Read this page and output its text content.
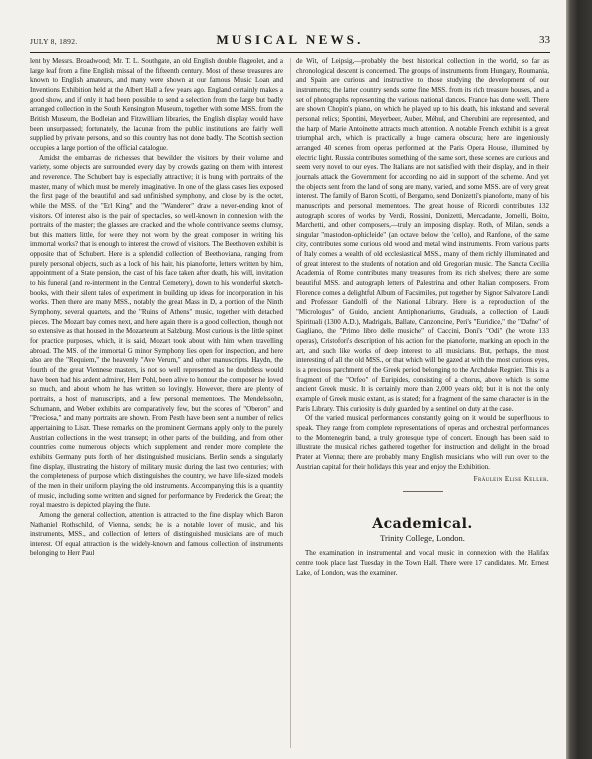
JULY 8, 1892.	MUSICAL NEWS.	33

lent by Messrs. Broadwood; Mr. T. L. Southgate, an old English double flageolet, and a large leaf from a fine English missal of the fifteenth century. Most of these treasures are known to English amateurs, and many were shown at our famous Music Loan and Inventions Exhibition held at the Albert Hall a few years ago. England certainly makes a good show, and if only it had been possible to send a selection from the large but badly arranged collection in the South Kensington Museum, together with some MSS. from the British Museum, the Bodleian and Fitzwilliam libraries, the English display would have been unsurpassed; fortunately, the lacunæ from the public institutions are fairly well supplied by private persons, and so this country has not done badly. The Scottish section occupies a large portion of the official catalogue.

Amidst the embarras de richesses that bewilder the visitors by their volume and variety, some objects are surrounded every day by crowds gazing on them with interest and reverence. The Schubert bay is especially attractive; it is hung with portraits of the master, many of which must be merely imaginative. In one of the glass cases lies exposed the first page of the beautiful and sad unfinished symphony, and close by is the octet, while the MSS. of the "Erl King" and the "Wanderer" draw a never-ending knot of visitors. Of interest also is the pair of spectacles, so well-known in connexion with the portraits of the master; the glasses are cracked and the whole contrivance seems clumsy, but this matters little, for were they not worn by the great composer in writing his immortal works? that is enough to interest the crowd of visitors. The Beethoven exhibit is opposite that of Schubert. Here is a splendid collection of Beethoviana, ranging from purely personal objects, such as a lock of his hair, his pianoforte, letters written by him, appointment of a State pension, the cast of his face taken after death, his will, invitation to his funeral (and re-interment in the Central Cemetery), down to his wonderful sketch-books, with their silent tales of experiment in building up ideas for incorporation in his works. Then there are many MSS., notably the great Mass in D, a portion of the Ninth Symphony, several quartets, and the "Ruins of Athens" music, together with detached pieces. The Mozart bay comes next, and here again there is a good collection, though not so extensive as that housed in the Mozarteum at Salzburg. Most curious is the little spinet for practice purposes, which, it is said, Mozart took about with him when travelling abroad. The MS. of the immortal G minor Symphony lies open for inspection, and here also are the "Requiem," the heavenly "Ave Verum," and other manuscripts. Haydn, the fourth of the great Viennese masters, is not so well represented as he doubtless would have been had his ardent admirer, Herr Pohl, been alive to honour the composer he loved so much, and about whom he has written so lovingly. However, there are plenty of portraits, a host of manuscripts, and a few personal mementoes. The Mendelssohn, Schumann, and Weber exhibits are comparatively few, but the scores of "Oberon" and "Preciosa," and many portraits are shown. From Pesth have been sent a number of relics appertaining to Liszt. These remarks on the prominent Germans apply only to the purely Austrian collections in the west transept; in other parts of the building, and from other countries come numerous objects which supplement and render more complete the exhibits Germany puts forth of her distinguished musicians. Berlin sends a singularly fine display, illustrating the history of military music during the last two centuries; with the completeness of purpose which distinguishes the country, we have life-sized models of the men in their uniform playing the old instruments. Accompanying this is a quantity of music, including some written and signed for performance by Frederick the Great; the royal maestro is depicted playing the flute.

Among the general collection, attention is attracted to the fine display which Baron Nathaniel Rothschild, of Vienna, sends; he is a notable lover of music, and his instruments, MSS., and collection of letters of distinguished musicians are of much interest. Of equal attraction is the widely-known and famous collection of instruments belonging to Herr Paul

de Wit, of Leipsig,—probably the best historical collection in the world, so far as chronological descent is concerned. The groups of instruments from Hungary, Roumania, and Spain are curious and instructive to those studying the development of our instruments; the latter country sends some fine MSS. from its rich treasure houses, and a set of photographs representing the various national dances. France has done well. There are shown Chopin's piano, on which he played up to his death, his inkstand and several personal relics; Spontini, Meyerbeer, Auber, Méhul, and Cherubini are represented, and the harp of Marie Antoinette attracts much attention. A notable French exhibit is a great triumphal arch, which is practically a huge camera obscura; here are ingeniously arranged 40 scenes from operas performed at the Paris Opera House, illumined by electric light. Russia contributes something of the same sort, these scenes are curious and seem very novel to our eyes. The Italians are not satisfied with their display, and in their journals attack the Government for according no aid in support of the scheme. And yet the objects sent from the land of song are many, varied, and some MSS. are of very great interest. The family of Baron Scotti, of Bergamo, send Donizetti's pianoforte, many of his manuscripts and personal mementoes. The great house of Ricordi contributes 132 autograph scores of works by Verdi, Rossini, Donizetti, Mercadante, Jomelli, Boito, Marchetti, and other composers,—truly an imposing display. Roth, of Milan, sends a singular "mastodon-ophicleide" (an octave below the 'cello), and Ranfone, of the same city, contributes some curious old wood and metal wind instruments. From various parts of Italy comes a wealth of old ecclesiastical MSS., many of them richly illuminated and of great interest to the students of notation and old Gregorian music. The Sancta Cecilia Academia of Rome contributes many treasures from its rich shelves; there are some beautiful MSS. and autograph letters of Palestrina and other Italian composers. From Florence comes a delightful Album of Facsimiles, put together by Signor Salvatore Landi and Professor Gandolfi of the National Library. Here is a reproduction of the "Micrologus" of Guido, ancient Antiphonariums, Graduals, a collection of Laudi Spirituali (1300 A.D.), Madrigals, Ballate, Canzoncine, Peri's "Euridice," the "Dafne" of Gagliano, the "Primo libro delle musiche" of Caccini, Doni's "Odi" (he wrote 133 operas), Cristofori's description of his action for the pianoforte, marking an epoch in the art, and such like works of deep interest to all musicians. But, perhaps, the most interesting of all the old MSS., or that which will be gazed at with the most curious eyes, is a precious parchment of the Greek period belonging to the Archduke Regnier. This is a fragment of the "Orfeo" of Euripides, consisting of a chorus, above which is some ancient Greek music. It is certainly more than 2,000 years old; but it is not the only example of Greek music extant, as is stated; for a fragment of the same character is in the Paris Library. This curiosity is duly guarded by a sentinel on duty at the case.

Of the varied musical performances constantly going on it would be superfluous to speak. They range from complete representations of operas and orchestral performances to the Montenegrin band, a truly grotesque type of concert. Enough has been said to illustrate the musical riches gathered together for instruction and delight in the broad Prater at Vienna; there are probably many English musicians who will run over to the Austrian capital for their holidays this year and enjoy the Exhibition.

Fräulein Elise Keller.
Academical.
Trinity College, London.

The examination in instrumental and vocal music in connexion with the Halifax centre took place last Tuesday in the Town Hall. There were 17 candidates. Mr. Ernest Lake, of London, was the examiner.
